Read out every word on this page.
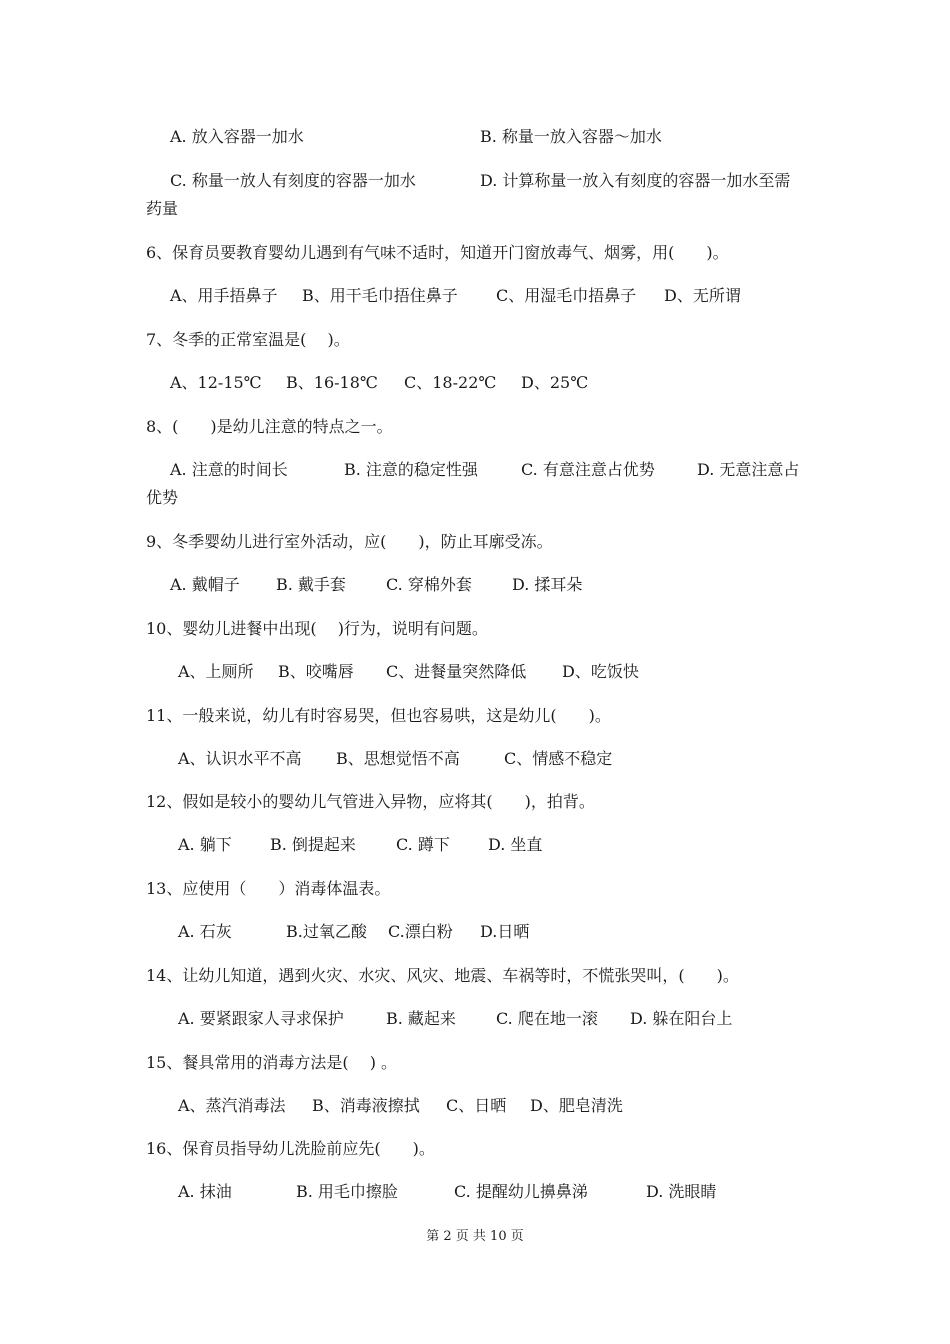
A. 放入容器一加水	B. 称量一放入容器～加水
C. 称量一放人有刻度的容器一加水	D. 计算称量一放入有刻度的容器一加水至需
药量
6、保育员要教育婴幼儿遇到有气味不适时，知道开门窗放毒气、烟雾，用(　　)。
A、用手捂鼻子 B、用干毛巾捂住鼻子 C、用湿毛巾捂鼻子 D、无所谓
7、冬季的正常室温是(　 )。
A、12-15℃ B、16-18℃ C、18-22℃ D、25℃
8、(　　)是幼儿注意的特点之一。
A. 注意的时间长	B. 注意的稳定性强	C. 有意注意占优势	D. 无意注意占
优势
9、冬季婴幼儿进行室外活动，应(　　)，防止耳廓受冻。
A. 戴帽子 B. 戴手套	C. 穿棉外套	D. 揉耳朵
10、婴幼儿进餐中出现(　 )行为，说明有问题。
A、上厕所 B、咬嘴唇 C、进餐量突然降低 D、吃饭快
11、一般来说，幼儿有时容易哭，但也容易哄，这是幼儿(　　)。
A、认识水平不高 B、思想觉悟不高	C、情感不稳定
12、假如是较小的婴幼儿气管进入异物，应将其(　　)，拍背。
A. 躺下 B. 倒提起来	C. 蹲下 D. 坐直
13、应使用（　　）消毒体温表。
A. 石灰	B.过氧乙酸 C.漂白粉 D.日晒
14、让幼儿知道，遇到火灾、水灾、风灾、地震、车祸等时，不慌张哭叫，(　　)。
A. 要紧跟家人寻求保护	B. 藏起来	C. 爬在地一滚 D. 躲在阳台上
15、餐具常用的消毒方法是(　 ) 。
A、蒸汽消毒法 B、消毒液擦拭 C、日晒 D、肥皂清洗
16、保育员指导幼儿洗脸前应先(　　)。
A. 抹油	B. 用毛巾擦脸	C. 提醒幼儿擤鼻涕	D. 洗眼睛
第 2 页 共 10 页
